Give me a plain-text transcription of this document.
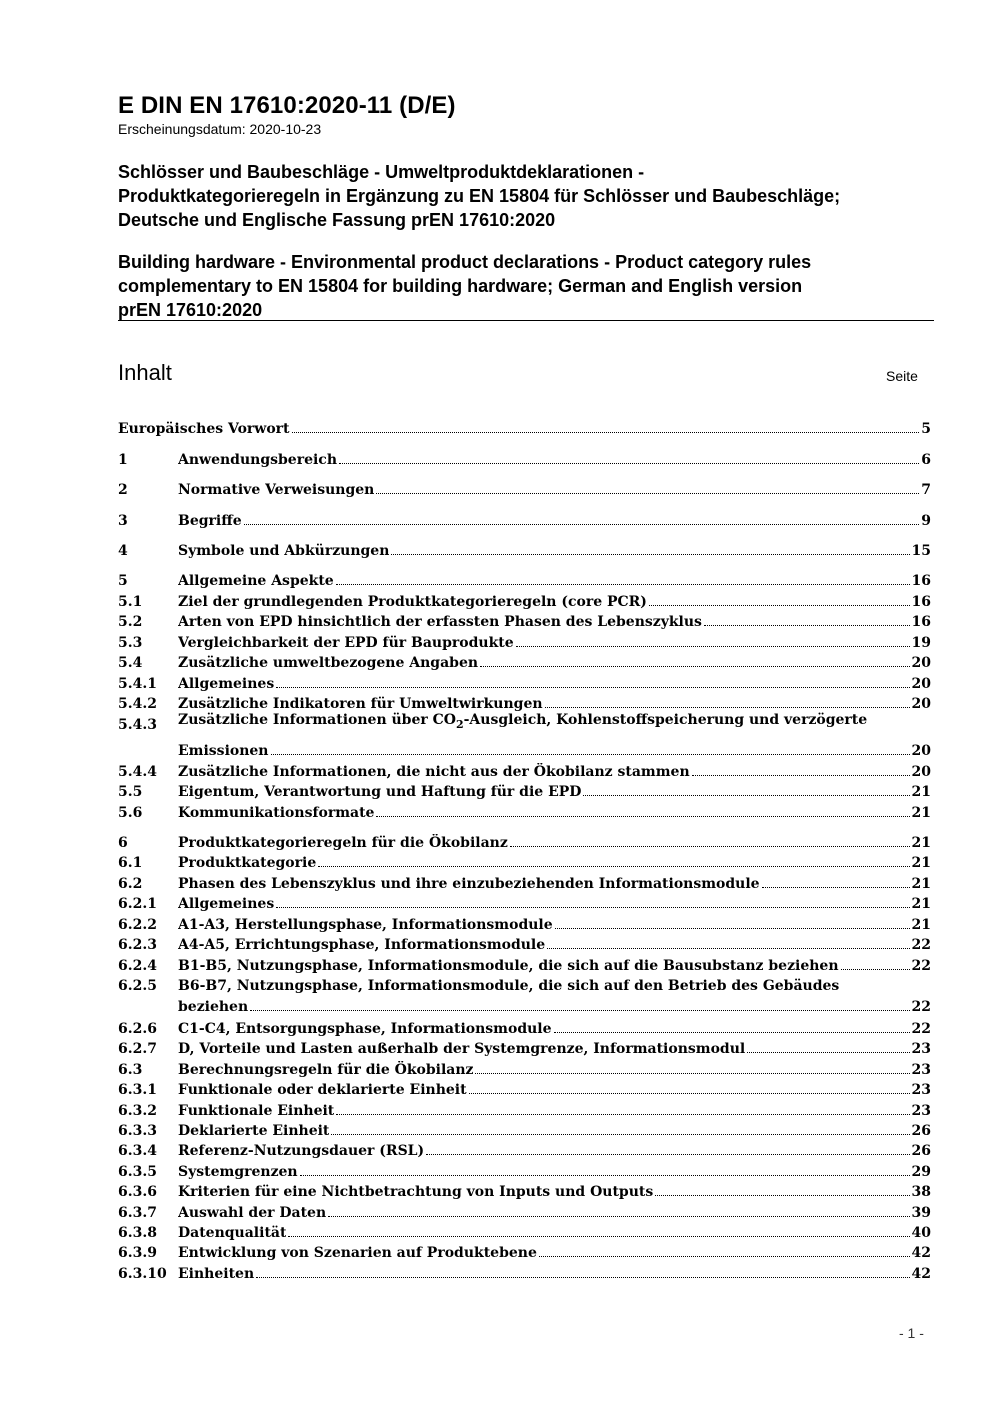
E DIN EN 17610:2020-11 (D/E)
Erscheinungsdatum: 2020-10-23
Schlösser und Baubeschläge - Umweltproduktdeklarationen -
Produktkategorieregeln in Ergänzung zu EN 15804 für Schlösser und Baubeschläge;
Deutsche und Englische Fassung prEN 17610:2020
Building hardware - Environmental product declarations - Product category rules
complementary to EN 15804 for building hardware; German and English version
prEN 17610:2020
Inhalt	Seite
Europäisches Vorwort	5
1	Anwendungsbereich	6
2	Normative Verweisungen	7
3	Begriffe	9
4	Symbole und Abkürzungen	15
5	Allgemeine Aspekte	16
5.1	Ziel der grundlegenden Produktkategorieregeln (core PCR)	16
5.2	Arten von EPD hinsichtlich der erfassten Phasen des Lebenszyklus	16
5.3	Vergleichbarkeit der EPD für Bauprodukte	19
5.4	Zusätzliche umweltbezogene Angaben	20
5.4.1	Allgemeines	20
5.4.2	Zusätzliche Indikatoren für Umweltwirkungen	20
5.4.3	Zusätzliche Informationen über $CO_2$-Ausgleich, Kohlenstoffspeicherung und verzögerte
Emissionen	20
5.4.4	Zusätzliche Informationen, die nicht aus der Ökobilanz stammen	20
5.5	Eigentum, Verantwortung und Haftung für die EPD	21
5.6	Kommunikationsformate	21
6	Produktkategorieregeln für die Ökobilanz	21
6.1	Produktkategorie	21
6.2	Phasen des Lebenszyklus und ihre einzubeziehenden Informationsmodule	21
6.2.1	Allgemeines	21
6.2.2	A1-A3, Herstellungsphase, Informationsmodule	21
6.2.3	A4-A5, Errichtungsphase, Informationsmodule	22
6.2.4	B1-B5, Nutzungsphase, Informationsmodule, die sich auf die Bausubstanz beziehen	22
6.2.5	B6-B7, Nutzungsphase, Informationsmodule, die sich auf den Betrieb des Gebäudes
beziehen	22
6.2.6	C1-C4, Entsorgungsphase, Informationsmodule	22
6.2.7	D, Vorteile und Lasten außerhalb der Systemgrenze, Informationsmodul	23
6.3	Berechnungsregeln für die Ökobilanz	23
6.3.1	Funktionale oder deklarierte Einheit	23
6.3.2	Funktionale Einheit	23
6.3.3	Deklarierte Einheit	26
6.3.4	Referenz-Nutzungsdauer (RSL)	26
6.3.5	Systemgrenzen	29
6.3.6	Kriterien für eine Nichtbetrachtung von Inputs und Outputs	38
6.3.7	Auswahl der Daten	39
6.3.8	Datenqualität	40
6.3.9	Entwicklung von Szenarien auf Produktebene	42
6.3.10 Einheiten	42
- 1 -
